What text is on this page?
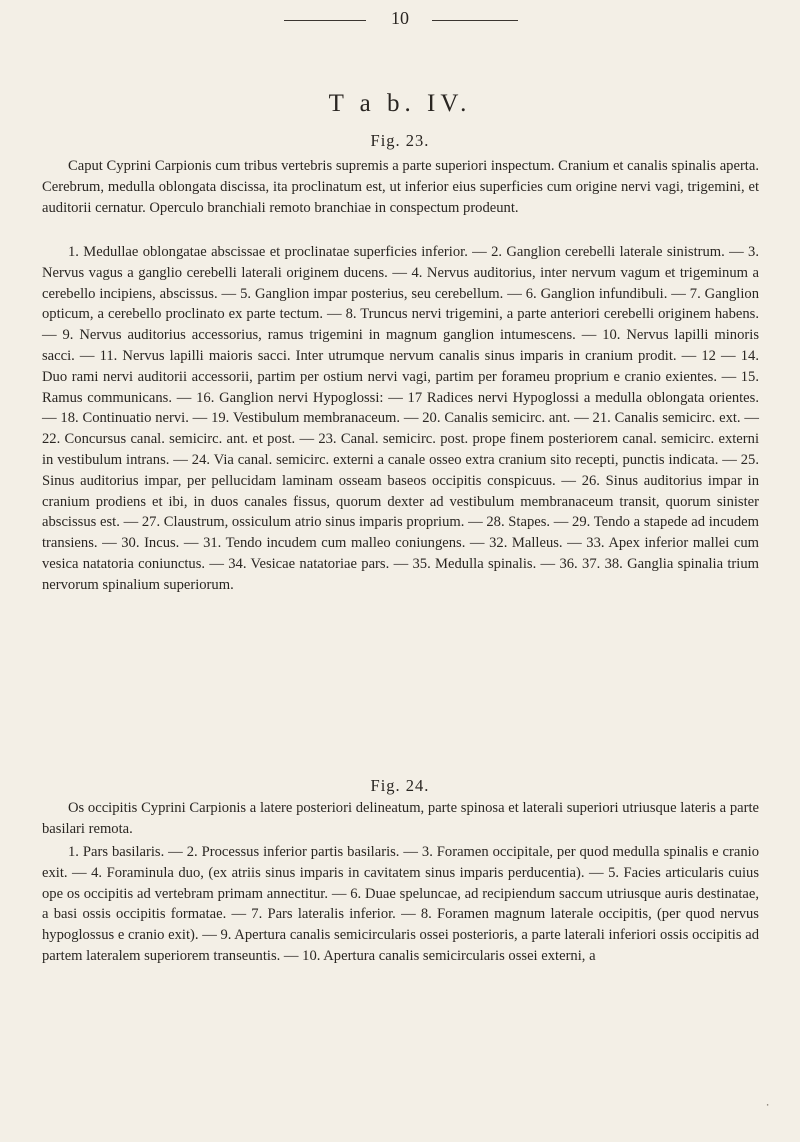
10
T a b. IV.
Fig. 23.

Caput Cyprini Carpionis cum tribus vertebris supremis a parte superiori inspectum. Cranium et canalis spinalis aperta. Cerebrum, medulla oblongata discissa, ita proclinatum est, ut inferior eius superficies cum origine nervi vagi, trigemini, et auditorii cernatur. Operculo branchiali remoto branchiae in conspectum prodeunt.

1. Medullae oblongatae abscissae et proclinatae superficies inferior. — 2. Ganglion cerebelli laterale sinistrum. — 3. Nervus vagus a ganglio cerebelli laterali originem ducens. — 4. Nervus auditorius, inter nervum vagum et trigeminum a cerebello incipiens, abscissus. — 5. Ganglion impar posterius, seu cerebellum. — 6. Ganglion infundibuli. — 7. Ganglion opticum, a cerebello proclinato ex parte tectum. — 8. Truncus nervi trigemini, a parte anteriori cerebelli originem habens. — 9. Nervus auditorius accessorius, ramus trigemini in magnum ganglion intumescens. — 10. Nervus lapilli minoris sacci. — 11. Nervus lapilli maioris sacci. Inter utrumque nervum canalis sinus imparis in cranium prodit. — 12 — 14. Duo rami nervi auditorii accessorii, partim per ostium nervi vagi, partim per forameu proprium e cranio exientes. — 15. Ramus communicans. — 16. Ganglion nervi Hypoglossi: — 17 Radices nervi Hypoglossi a medulla oblongata orientes. — 18. Continuatio nervi. — 19. Vestibulum membranaceum. — 20. Canalis semicirc. ant. — 21. Canalis semicirc. ext. — 22. Concursus canal. semicirc. ant. et post. — 23. Canal. semicirc. post. prope finem posteriorem canal. semicirc. externi in vestibulum intrans. — 24. Via canal. semicirc. externi a canale osseo extra cranium sito recepti, punctis indicata. — 25. Sinus auditorius impar, per pellucidam laminam osseam baseos occipitis conspicuus. — 26. Sinus auditorius impar in cranium prodiens et ibi, in duos canales fissus, quorum dexter ad vestibulum membranaceum transit, quorum sinister abscissus est. — 27. Claustrum, ossiculum atrio sinus imparis proprium. — 28. Stapes. — 29. Tendo a stapede ad incudem transiens. — 30. Incus. — 31. Tendo incudem cum malleo coniungens. — 32. Malleus. — 33. Apex inferior mallei cum vesica natatoria coniunctus. — 34. Vesicae natatoriae pars. — 35. Medulla spinalis. — 36. 37. 38. Ganglia spinalia trium nervorum spinalium superiorum.

Fig. 24.

Os occipitis Cyprini Carpionis a latere posteriori delineatum, parte spinosa et laterali superiori utriusque lateris a parte basilari remota.

1. Pars basilaris. — 2. Processus inferior partis basilaris. — 3. Foramen occipitale, per quod medulla spinalis e cranio exit. — 4. Foraminula duo, (ex atriis sinus imparis in cavitatem sinus imparis perducentia). — 5. Facies articularis cuius ope os occipitis ad vertebram primam annectitur. — 6. Duae speluncae, ad recipiendum saccum utriusque auris destinatae, a basi ossis occipitis formatae. — 7. Pars lateralis inferior. — 8. Foramen magnum laterale occipitis, (per quod nervus hypoglossus e cranio exit). — 9. Apertura canalis semicircularis ossei posterioris, a parte laterali inferiori ossis occipitis ad partem lateralem superiorem transeuntis. — 10. Apertura canalis semicircularis ossei externi, a

⸳
